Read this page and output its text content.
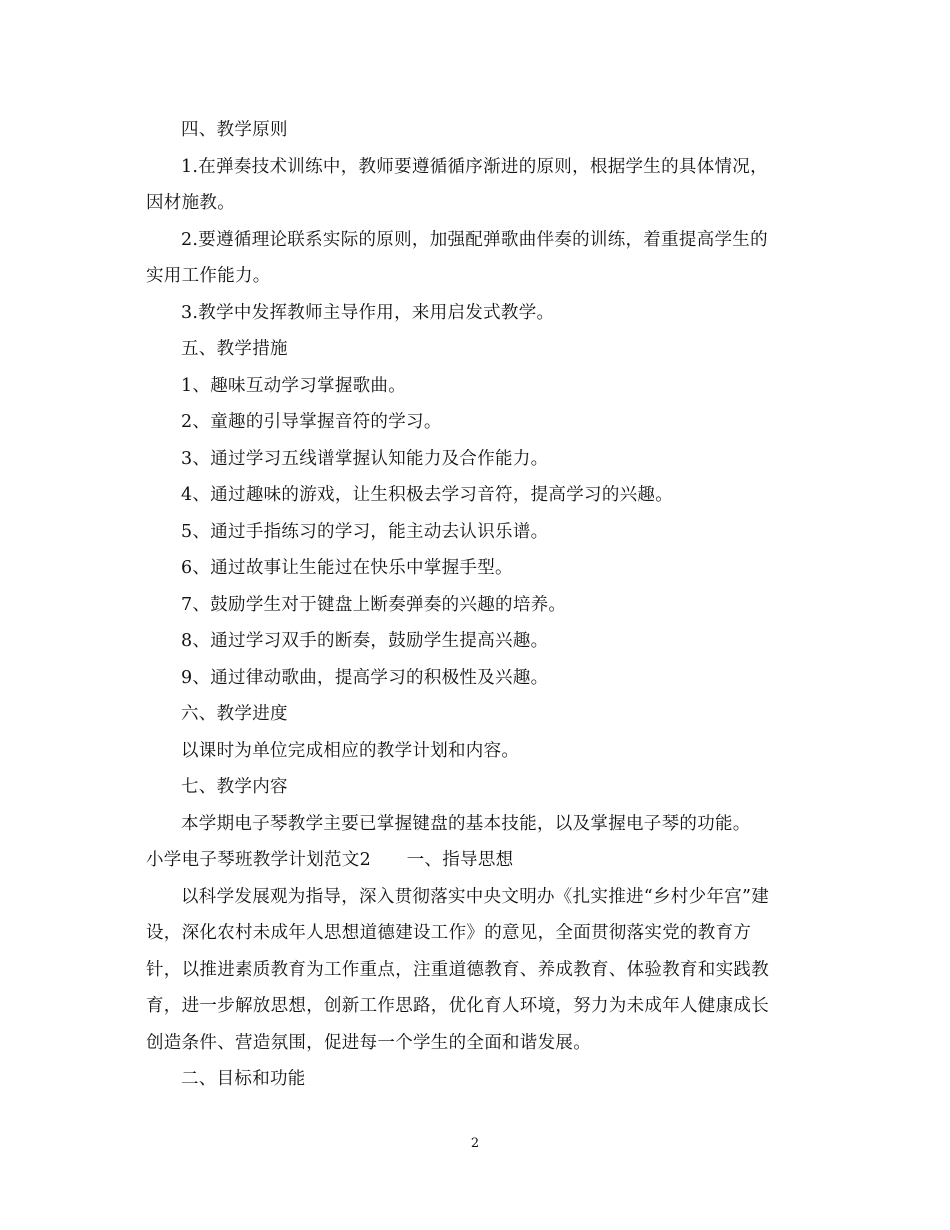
四、教学原则
1.在弹奏技术训练中，教师要遵循循序渐进的原则，根据学生的具体情况，
因材施教。
2.要遵循理论联系实际的原则，加强配弹歌曲伴奏的训练，着重提高学生的
实用工作能力。
3.教学中发挥教师主导作用，来用启发式教学。
五、教学措施
1、趣味互动学习掌握歌曲。
2、童趣的引导掌握音符的学习。
3、通过学习五线谱掌握认知能力及合作能力。
4、通过趣味的游戏，让生积极去学习音符，提高学习的兴趣。
5、通过手指练习的学习，能主动去认识乐谱。
6、通过故事让生能过在快乐中掌握手型。
7、鼓励学生对于键盘上断奏弹奏的兴趣的培养。
8、通过学习双手的断奏，鼓励学生提高兴趣。
9、通过律动歌曲，提高学习的积极性及兴趣。
六、教学进度
以课时为单位完成相应的教学计划和内容。
七、教学内容
本学期电子琴教学主要已掌握键盘的基本技能，以及掌握电子琴的功能。
小学电子琴班教学计划范文2　　一、指导思想
以科学发展观为指导，深入贯彻落实中央文明办《扎实推进“乡村少年宫”建
设，深化农村未成年人思想道德建设工作》的意见，全面贯彻落实党的教育方
针，以推进素质教育为工作重点，注重道德教育、养成教育、体验教育和实践教
育，进一步解放思想，创新工作思路，优化育人环境，努力为未成年人健康成长
创造条件、营造氛围，促进每一个学生的全面和谐发展。
二、目标和功能
2
